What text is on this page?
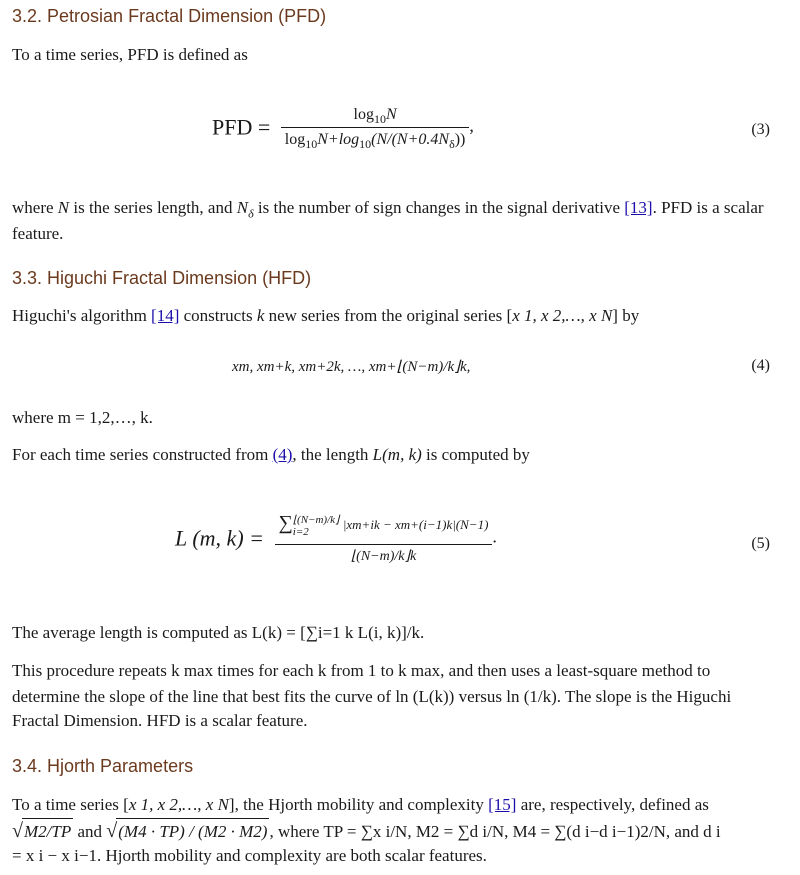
3.2. Petrosian Fractal Dimension (PFD)

To a time series, PFD is defined as

PFD = $\frac{\log_{10}N}{\log_{10}N+\log_{10}(N/(N+0.4N_\delta))}$ ,	(3)

where N is the series length, and $N_\delta$ is the number of sign changes in the signal derivative [13]. PFD is a scalar feature.

3.3. Higuchi Fractal Dimension (HFD)

Higuchi's algorithm [14] constructs k new series from the original series [x 1, x 2,…, x N] by

xm, xm+k, xm+2k, …, xm+⌊(N−m)/k⌋k,	(4)

where m = 1,2,…, k.

For each time series constructed from (4), the length L(m, k) is computed by

L (m, k) =
∑⌊(N−m)/k⌋
i=2	|xm+ik − xm+(i−1)k|(N−1)
⌊(N−m)/k⌋k
.	(5)

The average length is computed as L(k) = [∑i=1 k L(i, k)]/k.

This procedure repeats k max times for each k from 1 to k max, and then uses a least-square method to

determine the slope of the line that best fits the curve of ln (L(k)) versus ln (1/k). The slope is the Higuchi

Fractal Dimension. HFD is a scalar feature.

3.4. Hjorth Parameters

To a time series [x 1, x 2,…, x N], the Hjorth mobility and complexity [15] are, respectively, defined as

√M2/TP and √(M4 · TP) / (M2 · M2) , where TP = ∑x i/N, M2 = ∑d i/N, M4 = ∑(d i−d i−1)2/N, and d i

= x i − x i−1. Hjorth mobility and complexity are both scalar features.
